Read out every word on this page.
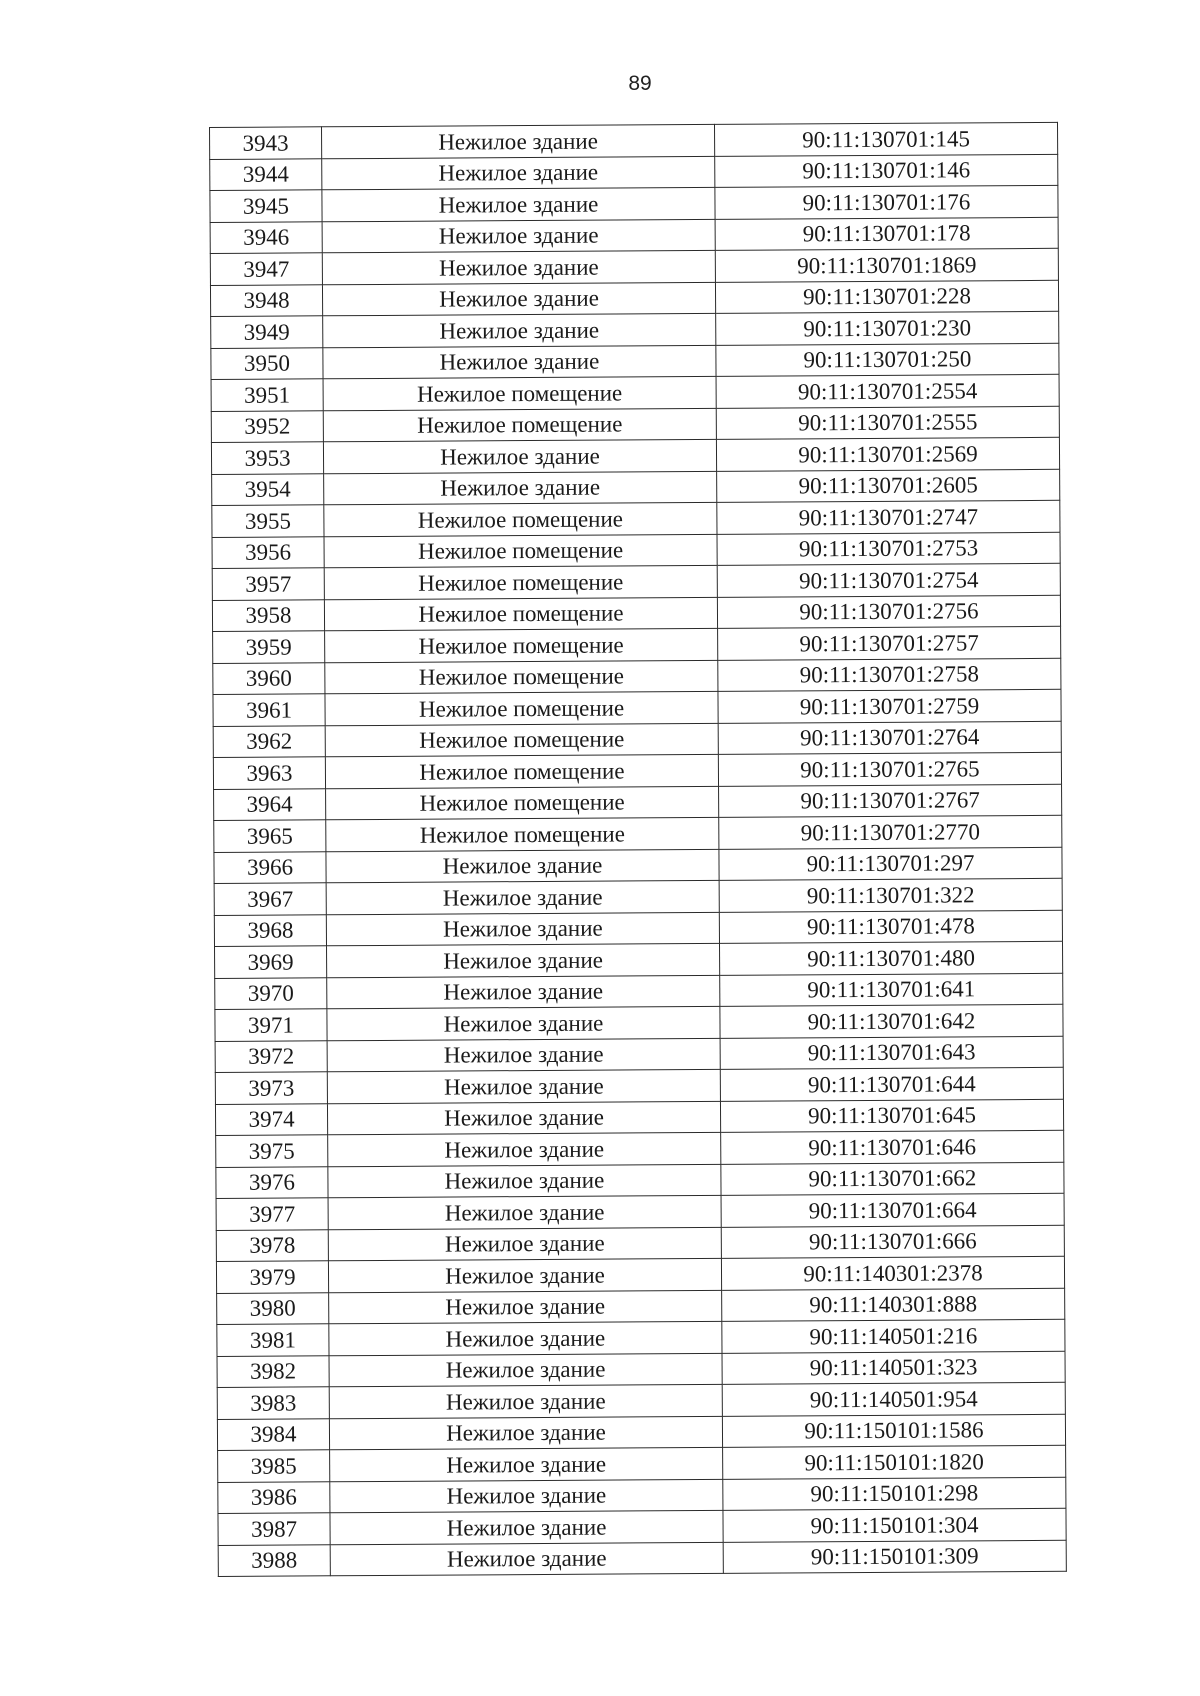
89
3943	Нежилое здание	90:11:130701:145
3944	Нежилое здание	90:11:130701:146
3945	Нежилое здание	90:11:130701:176
3946	Нежилое здание	90:11:130701:178
3947	Нежилое здание	90:11:130701:1869
3948	Нежилое здание	90:11:130701:228
3949	Нежилое здание	90:11:130701:230
3950	Нежилое здание	90:11:130701:250
3951	Нежилое помещение	90:11:130701:2554
3952	Нежилое помещение	90:11:130701:2555
3953	Нежилое здание	90:11:130701:2569
3954	Нежилое здание	90:11:130701:2605
3955	Нежилое помещение	90:11:130701:2747
3956	Нежилое помещение	90:11:130701:2753
3957	Нежилое помещение	90:11:130701:2754
3958	Нежилое помещение	90:11:130701:2756
3959	Нежилое помещение	90:11:130701:2757
3960	Нежилое помещение	90:11:130701:2758
3961	Нежилое помещение	90:11:130701:2759
3962	Нежилое помещение	90:11:130701:2764
3963	Нежилое помещение	90:11:130701:2765
3964	Нежилое помещение	90:11:130701:2767
3965	Нежилое помещение	90:11:130701:2770
3966	Нежилое здание	90:11:130701:297
3967	Нежилое здание	90:11:130701:322
3968	Нежилое здание	90:11:130701:478
3969	Нежилое здание	90:11:130701:480
3970	Нежилое здание	90:11:130701:641
3971	Нежилое здание	90:11:130701:642
3972	Нежилое здание	90:11:130701:643
3973	Нежилое здание	90:11:130701:644
3974	Нежилое здание	90:11:130701:645
3975	Нежилое здание	90:11:130701:646
3976	Нежилое здание	90:11:130701:662
3977	Нежилое здание	90:11:130701:664
3978	Нежилое здание	90:11:130701:666
3979	Нежилое здание	90:11:140301:2378
3980	Нежилое здание	90:11:140301:888
3981	Нежилое здание	90:11:140501:216
3982	Нежилое здание	90:11:140501:323
3983	Нежилое здание	90:11:140501:954
3984	Нежилое здание	90:11:150101:1586
3985	Нежилое здание	90:11:150101:1820
3986	Нежилое здание	90:11:150101:298
3987	Нежилое здание	90:11:150101:304
3988	Нежилое здание	90:11:150101:309
